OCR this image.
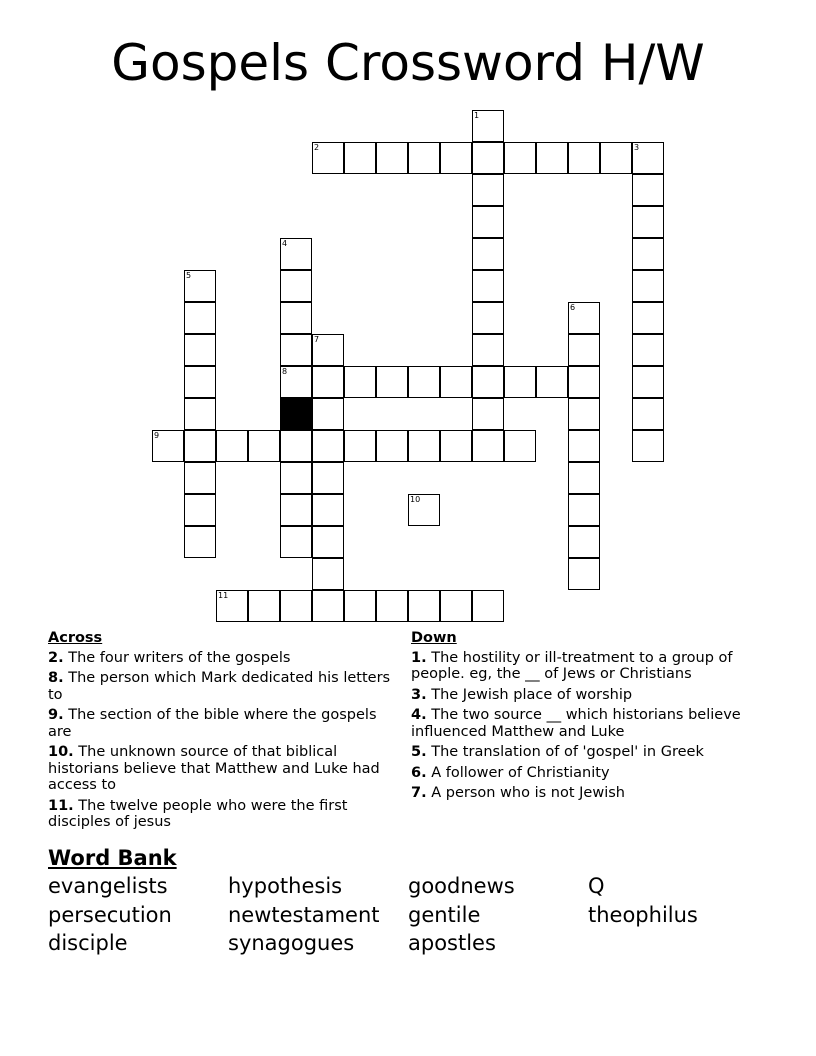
Gospels Crossword H/W
2	3
1
4
8
5
6
7
10
11
9
Across
2. The four writers of the gospels
8. The person which Mark dedicated his letters to
9. The section of the bible where the gospels are
10. The unknown source of that biblical historians believe that Matthew and Luke had access to
11. The twelve people who were the first disciples of jesus
Down
1. The hostility or ill-treatment to a group of people. eg, the __ of Jews or Christians
3. The Jewish place of worship
4. The two source __ which historians believe influenced Matthew and Luke
5. The translation of of 'gospel' in Greek
6. A follower of Christianity
7. A person who is not Jewish
Word Bank
evangelists
persecution
disciple
hypothesis
newtestament
synagogues
goodnews
gentile
apostles
Q
theophilus
